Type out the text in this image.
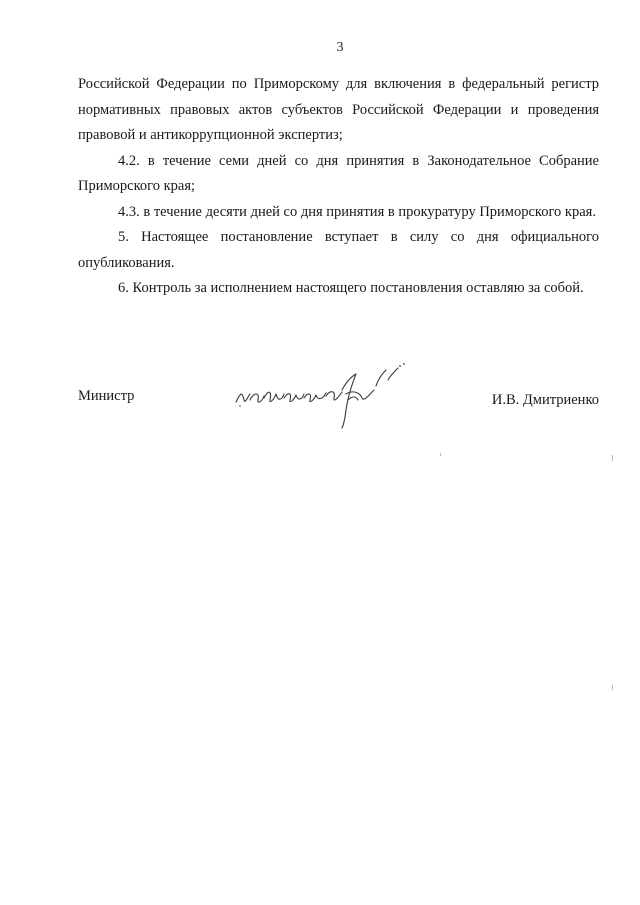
3

Российской Федерации по Приморскому для включения в федеральный регистр нормативных правовых актов субъектов Российской Федерации и проведения правовой и антикоррупционной экспертиз;

4.2. в течение семи дней со дня принятия в Законодательное Собрание Приморского края;

4.3. в течение десяти дней со дня принятия в прокуратуру Приморского края.

5. Настоящее постановление вступает в силу со дня официального опубликования.

6. Контроль за исполнением настоящего постановления оставляю за собой.

Министр	И.В. Дмитриенко
